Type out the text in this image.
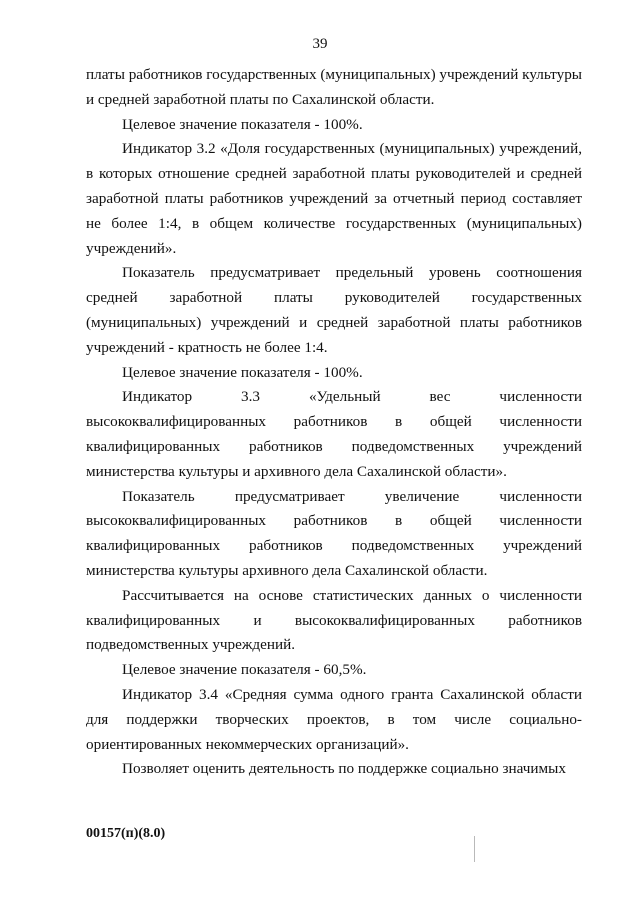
39

платы работников государственных (муниципальных) учреждений культуры и средней заработной платы по Сахалинской области.

Целевое значение показателя - 100%.

Индикатор 3.2 «Доля государственных (муниципальных) учреждений, в которых отношение средней заработной платы руководителей и средней заработной платы работников учреждений за отчетный период составляет не более 1:4, в общем количестве государственных (муниципальных) учреждений».

Показатель предусматривает предельный уровень соотношения средней заработной платы руководителей государственных (муниципальных) учреждений и средней заработной платы работников учреждений - кратность не более 1:4.

Целевое значение показателя - 100%.

Индикатор 3.3 «Удельный вес численности высококвалифицированных работников в общей численности квалифицированных работников подведомственных учреждений министерства культуры и архивного дела Сахалинской области».

Показатель предусматривает увеличение численности высококвалифицированных работников в общей численности квалифицированных работников подведомственных учреждений министерства культуры архивного дела Сахалинской области.

Рассчитывается на основе статистических данных о численности квалифицированных и высококвалифицированных работников подведомственных учреждений.

Целевое значение показателя - 60,5%.

Индикатор 3.4 «Средняя сумма одного гранта Сахалинской области для поддержки творческих проектов, в том числе социально-ориентированных некоммерческих организаций».

Позволяет оценить деятельность по поддержке социально значимых

00157(п)(8.0)
